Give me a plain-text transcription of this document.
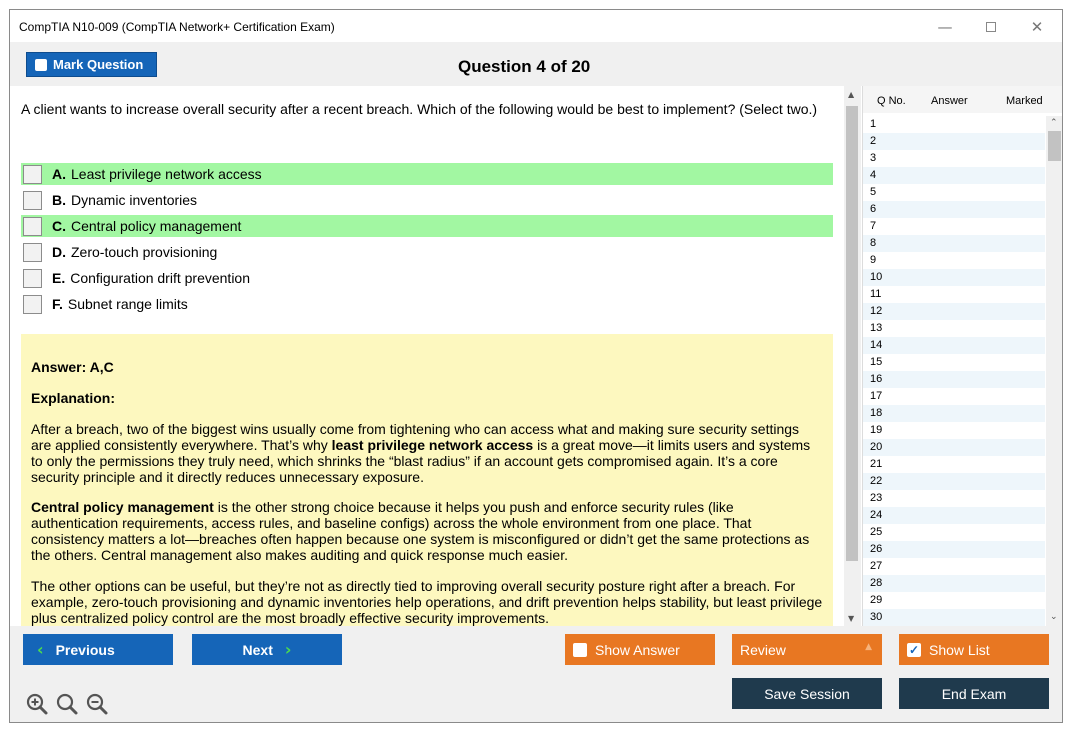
CompTIA N10-009 (CompTIA Network+ Certification Exam)	—	✕
Mark Question	Question 4 of 20
A client wants to increase overall security after a recent breach. Which of the following would be best to implement? (Select two.)
A. Least privilege network access
B. Dynamic inventories
C. Central policy management
D. Zero-touch provisioning
E. Configuration drift prevention
F. Subnet range limits
Answer: A,C
Explanation:
After a breach, two of the biggest wins usually come from tightening who can access what and making sure security settings are applied consistently everywhere. That’s why least privilege network access is a great move—it limits users and systems to only the permissions they truly need, which shrinks the “blast radius” if an account gets compromised again. It’s a core security principle and it directly reduces unnecessary exposure.
Central policy management is the other strong choice because it helps you push and enforce security rules (like authentication requirements, access rules, and baseline configs) across the whole environment from one place. That consistency matters a lot—breaches often happen because one system is misconfigured or didn’t get the same protections as the others. Central management also makes auditing and quick response much easier.
The other options can be useful, but they’re not as directly tied to improving overall security posture right after a breach. For example, zero-touch provisioning and dynamic inventories help operations, and drift prevention helps stability, but least privilege plus centralized policy control are the most broadly effective security improvements.
▲
▼
Q No. Answer	Marked
1
2
3
4
5
6
7
8
9
10
11
12
13
14
15
16
17
18
19
20
21
22
23
24
25
26
27
28
29
30
⌃
⌄
‹ Previous	Next ›	Show Answer	Review	▲	✓ Show List
Save Session	End Exam
